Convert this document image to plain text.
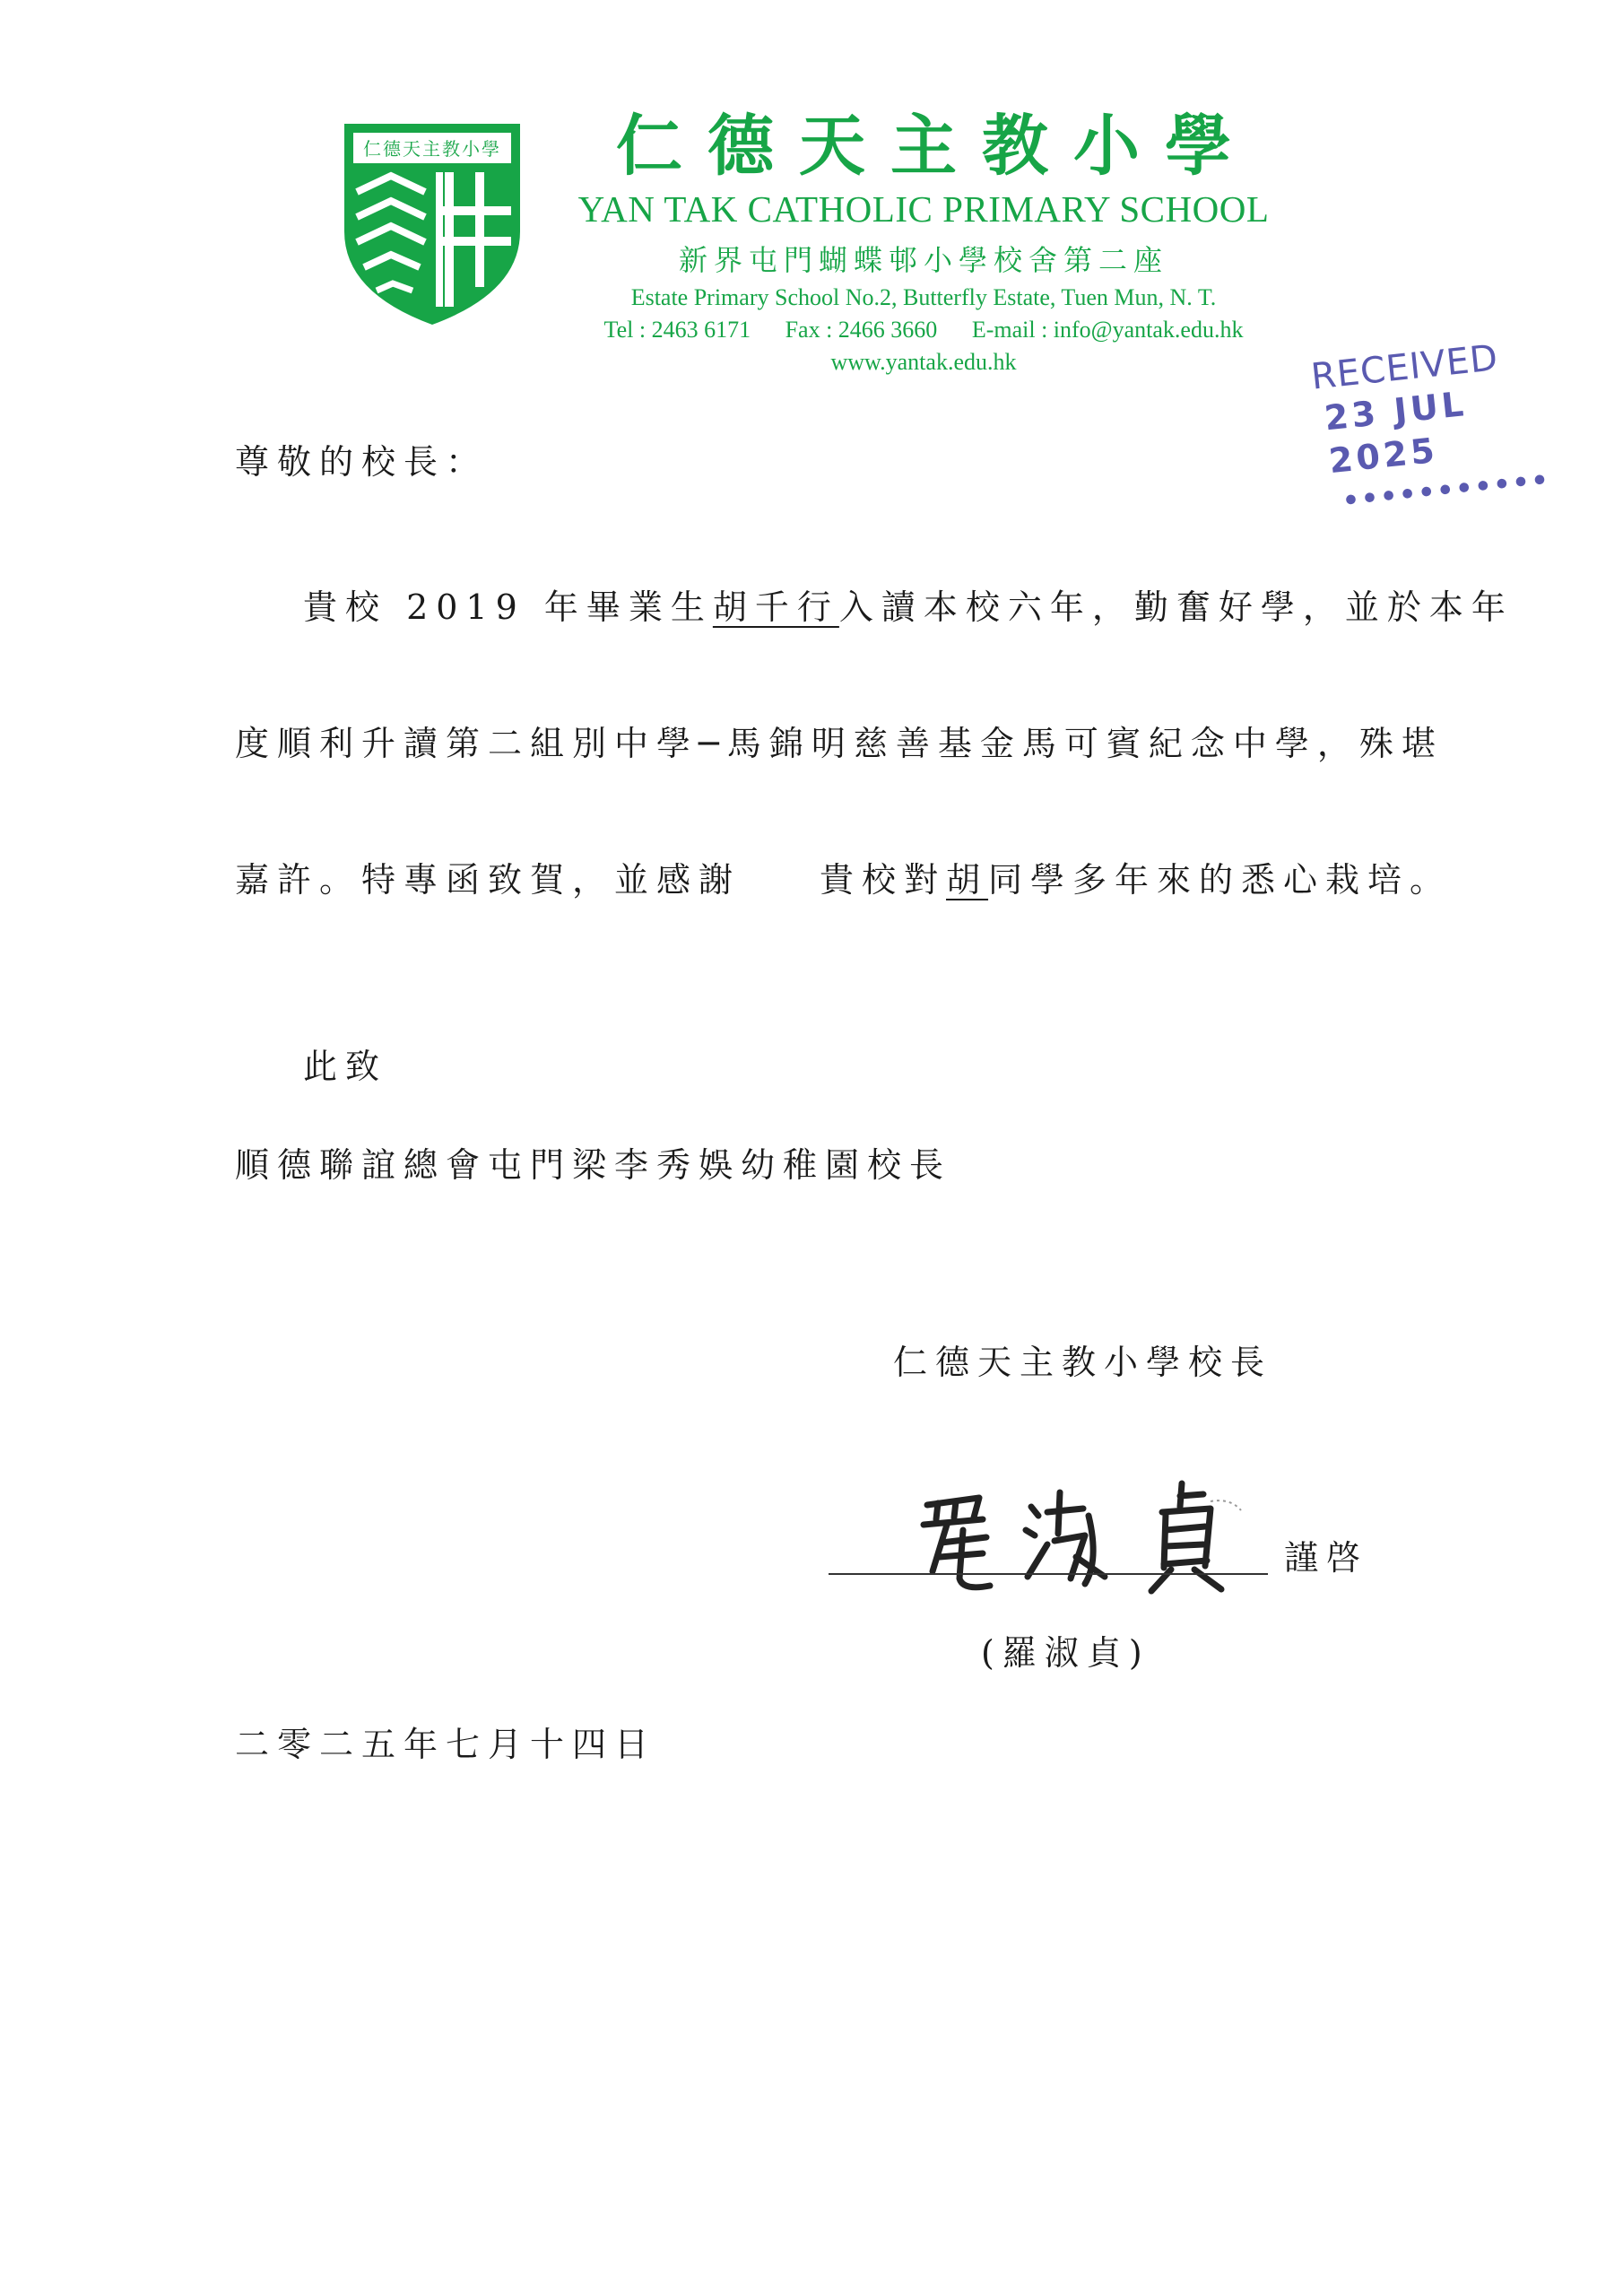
仁德天主教小學	仁德天主教小學
YAN TAK CATHOLIC PRIMARY SCHOOL
新界屯門蝴蝶邨小學校舍第二座
Estate Primary School No.2, Butterfly Estate, Tuen Mun, N. T.
Tel : 2463 6171 Fax : 2466 3660 E-mail : info@yantak.edu.hk
www.yantak.edu.hk	RECEIVED
23 JUL 2025
•••••••••••
尊敬的校長：
貴校 2019 年畢業生胡千行入讀本校六年，勤奮好學，並於本年
度順利升讀第二組別中學─馬錦明慈善基金馬可賓紀念中學，殊堪
嘉許。特專函致賀，並感謝 貴校對胡同學多年來的悉心栽培。
此致
順德聯誼總會屯門梁李秀娛幼稚園校長
仁德天主教小學校長
謹啓
(羅淑貞)
二零二五年七月十四日
